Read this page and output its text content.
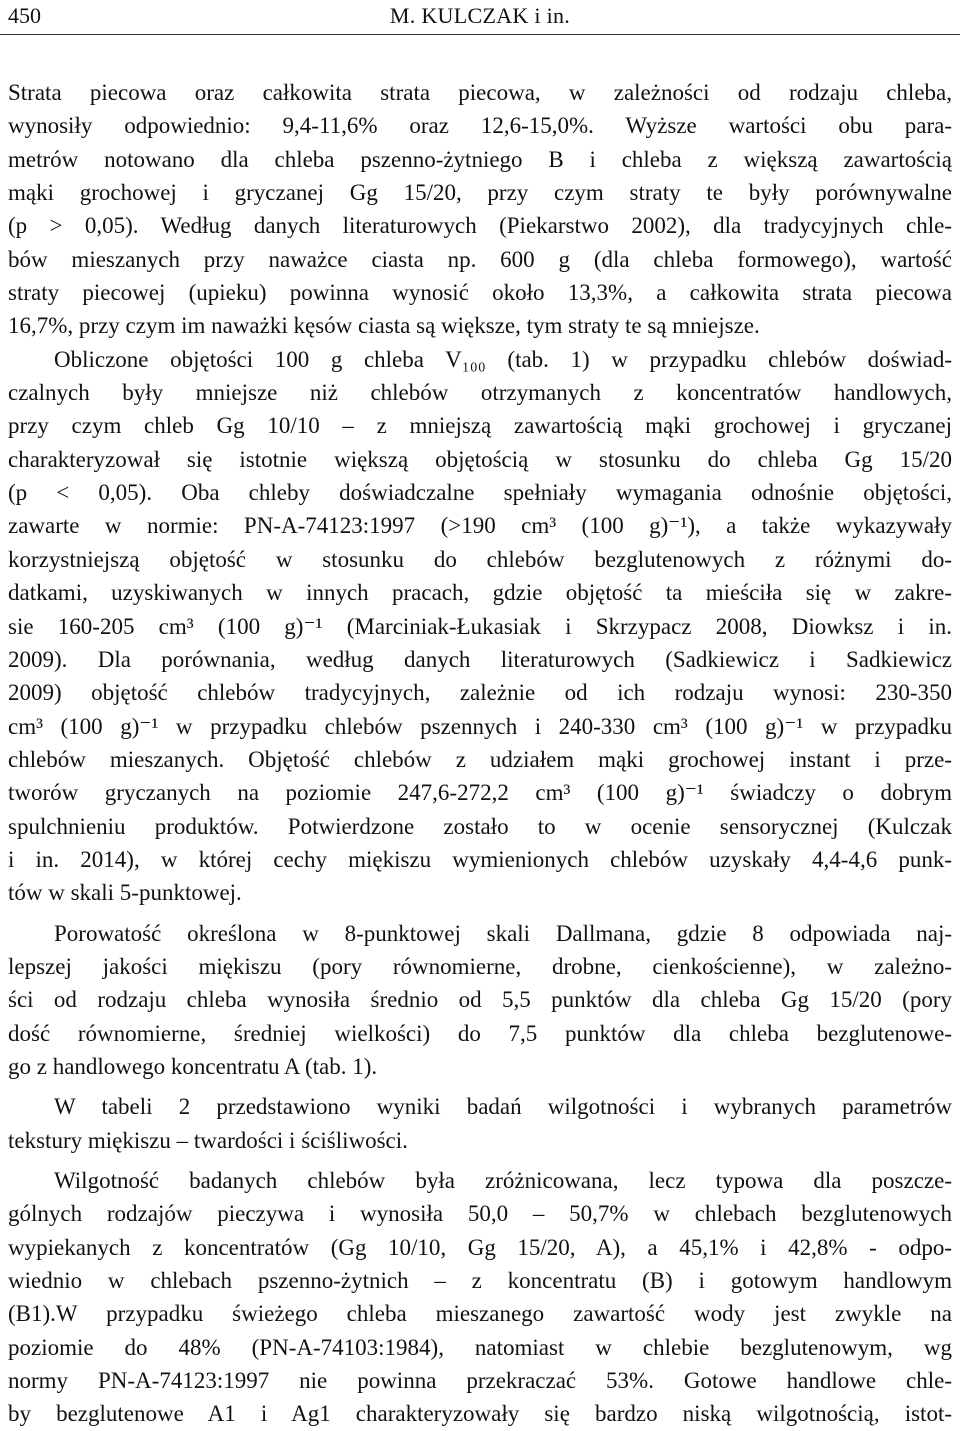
450	M. KULCZAK i in.
Strata piecowa oraz całkowita strata piecowa, w zależności od rodzaju chleba,
wynosiły odpowiednio: 9,4-11,6% oraz 12,6-15,0%. Wyższe wartości obu para-
metrów notowano dla chleba pszenno-żytniego B i chleba z większą zawartością
mąki grochowej i gryczanej Gg 15/20, przy czym straty te były porównywalne
(p > 0,05). Według danych literaturowych (Piekarstwo 2002), dla tradycyjnych chle-
bów mieszanych przy naważce ciasta np. 600 g (dla chleba formowego), wartość
straty piecowej (upieku) powinna wynosić około 13,3%, a całkowita strata piecowa
16,7%, przy czym im naważki kęsów ciasta są większe, tym straty te są mniejsze.
Obliczone objętości 100 g chleba V₁₀₀ (tab. 1) w przypadku chlebów doświad-
czalnych były mniejsze niż chlebów otrzymanych z koncentratów handlowych,
przy czym chleb Gg 10/10 – z mniejszą zawartością mąki grochowej i gryczanej
charakteryzował się istotnie większą objętością w stosunku do chleba Gg 15/20
(p < 0,05). Oba chleby doświadczalne spełniały wymagania odnośnie objętości,
zawarte w normie: PN-A-74123:1997 (>190 cm³ (100 g)⁻¹), a także wykazywały
korzystniejszą objętość w stosunku do chlebów bezglutenowych z różnymi do-
datkami, uzyskiwanych w innych pracach, gdzie objętość ta mieściła się w zakre-
sie 160-205 cm³ (100 g)⁻¹ (Marciniak-Łukasiak i Skrzypacz 2008, Diowksz i in.
2009). Dla porównania, według danych literaturowych (Sadkiewicz i Sadkiewicz
2009) objętość chlebów tradycyjnych, zależnie od ich rodzaju wynosi: 230-350
cm³ (100 g)⁻¹ w przypadku chlebów pszennych i 240-330 cm³ (100 g)⁻¹ w przypadku
chlebów mieszanych. Objętość chlebów z udziałem mąki grochowej instant i prze-
tworów gryczanych na poziomie 247,6-272,2 cm³ (100 g)⁻¹ świadczy o dobrym
spulchnieniu produktów. Potwierdzone zostało to w ocenie sensorycznej (Kulczak
i in. 2014), w której cechy miękiszu wymienionych chlebów uzyskały 4,4-4,6 punk-
tów w skali 5-punktowej.
Porowatość określona w 8-punktowej skali Dallmana, gdzie 8 odpowiada naj-
lepszej jakości miękiszu (pory równomierne, drobne, cienkościenne), w zależno-
ści od rodzaju chleba wynosiła średnio od 5,5 punktów dla chleba Gg 15/20 (pory
dość równomierne, średniej wielkości) do 7,5 punktów dla chleba bezglutenowe-
go z handlowego koncentratu A (tab. 1).
W tabeli 2 przedstawiono wyniki badań wilgotności i wybranych parametrów
tekstury miękiszu – twardości i ściśliwości.
Wilgotność badanych chlebów była zróżnicowana, lecz typowa dla poszcze-
gólnych rodzajów pieczywa i wynosiła 50,0 – 50,7% w chlebach bezglutenowych
wypiekanych z koncentratów (Gg 10/10, Gg 15/20, A), a 45,1% i 42,8% - odpo-
wiednio w chlebach pszenno-żytnich – z koncentratu (B) i gotowym handlowym
(B1).W przypadku świeżego chleba mieszanego zawartość wody jest zwykle na
poziomie do 48% (PN-A-74103:1984), natomiast w chlebie bezglutenowym, wg
normy PN-A-74123:1997 nie powinna przekraczać 53%. Gotowe handlowe chle-
by bezglutenowe A1 i Ag1 charakteryzowały się bardzo niską wilgotnością, istot-
